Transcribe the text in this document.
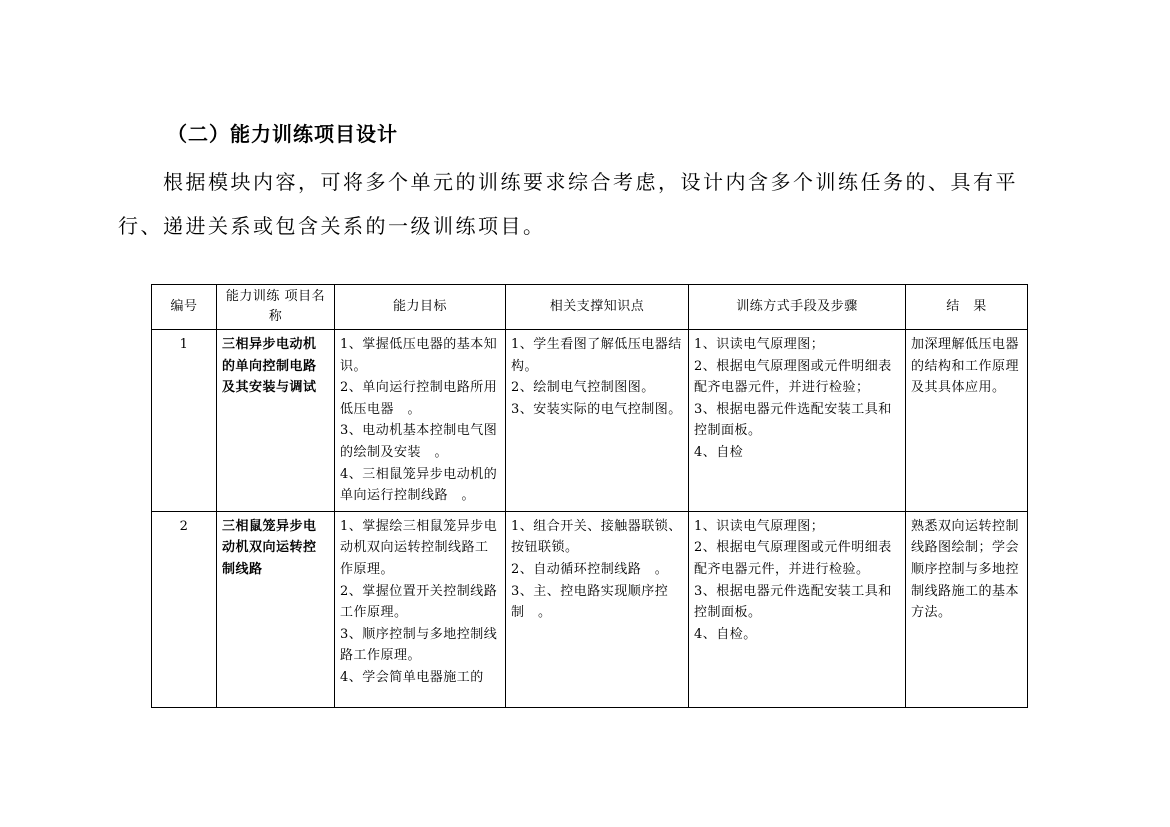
（二）能力训练项目设计

根据模块内容，可将多个单元的训练要求综合考虑，设计内含多个训练任务的、具有平行、递进关系或包含关系的一级训练项目。

编号	能力训练 项目名称	能力目标	相关支撑知识点	训练方式手段及步骤	结　果
1	三相异步电动机的单向控制电路及其安装与调试	1、掌握低压电器的基本知识。
2、单向运行控制电路所用低压电器　。
3、电动机基本控制电气图的绘制及安装　。
4、三相鼠笼异步电动机的单向运行控制线路　。	1、学生看图了解低压电器结构。
2、绘制电气控制图图。
3、安装实际的电气控制图。	1、识读电气原理图；
2、根据电气原理图或元件明细表配齐电器元件，并进行检验；
3、根据电器元件选配安装工具和控制面板。
4、自检	加深理解低压电器的结构和工作原理及其具体应用。
2	三相鼠笼异步电动机双向运转控制线路	1、掌握绘三相鼠笼异步电动机双向运转控制线路工作原理。
2、掌握位置开关控制线路
工作原理。
3、顺序控制与多地控制线路工作原理。
4、学会简单电器施工的	1、组合开关、接触器联锁、按钮联锁。
2、自动循环控制线路　。
3、主、控电路实现顺序控制　。	1、识读电气原理图；
2、根据电气原理图或元件明细表配齐电器元件，并进行检验。
3、根据电器元件选配安装工具和控制面板。
4、自检。	熟悉双向运转控制线路图绘制；学会顺序控制与多地控制线路施工的基本方法。
